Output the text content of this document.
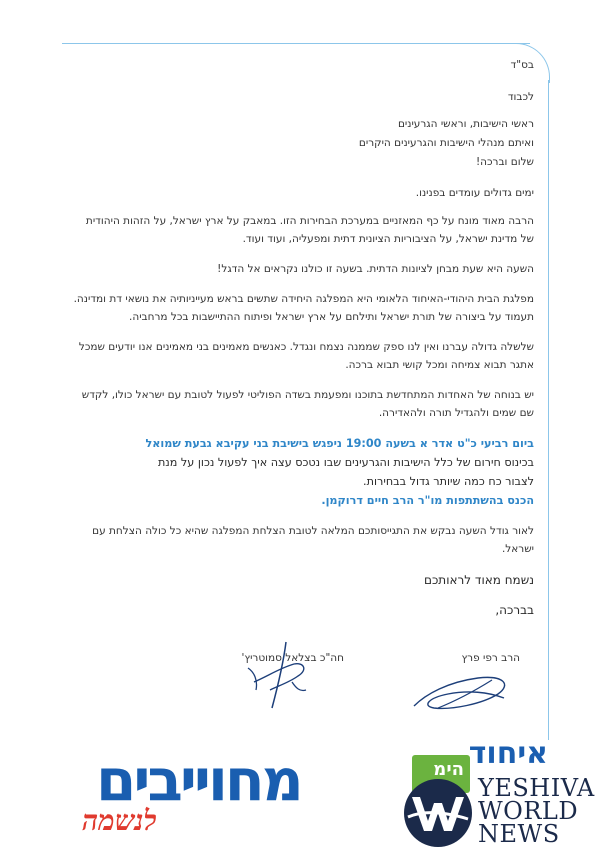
בס"ד

לכבוד

ראשי הישיבות, וראשי הגרעינים

ואיתם מנהלי הישיבות והגרעינים היקרים

שלום וברכה!

ימים גדולים עומדים בפנינו.

הרבה מאוד מונח על כף המאזניים במערכת הבחירות הזו. במאבק על ארץ ישראל, על הזהות היהודית של מדינת ישראל, על הציבוריות הציונית דתית ומפעליה, ועוד ועוד.

השעה היא שעת מבחן לציונות הדתית. בשעה זו כולנו נקראים אל הדגל!

מפלגת הבית היהודי-האיחוד הלאומי היא המפלגה היחידה שתשים בראש מעייניותיה את נושאי דת ומדינה. תעמוד על ביצורה של תורת ישראל ותילחם על ארץ ישראל ופיתוח ההתיישבות בכל מרחביה.

שלשלה גדולה עברנו ואין לנו ספק שממנה נצמח ונגדל. כאנשים מאמינים בני מאמינים אנו יודעים שמכל אתגר תבוא צמיחה ומכל קושי תבוא ברכה.

יש בנוחה של האחדות המתחדשת בתוכנו ומפעמת בשדה הפוליטי לפעול לטובת עם ישראל כולו, לקדש שם שמים ולהגדיל תורה ולהאדירה.

ביום רביעי כ"ט אדר א בשעה 19:00 ניפגש בישיבת בני עקיבא גבעת שמואל

בכינוס חירום של כלל הישיבות והגרעינים שבו נטכס עצה איך לפעול נכון על מנת

לצבור כח כמה שיותר גדול בבחירות.

הכנס בהשתתפות מו"ר הרב חיים דרוקמן.

לאור גודל השעה נבקש את התגייסותכם המלאה לטובת הצלחת המפלגה שהיא כל כולה הצלחת עם ישראל.

נשמח מאוד לראותכם

בברכה,

הרב רפי פרץ
חה"כ בצלאל סמוטריץ'
מחוייבים
לנשמה
הימ איחוד
YESHIVA
WORLD
NEWS
